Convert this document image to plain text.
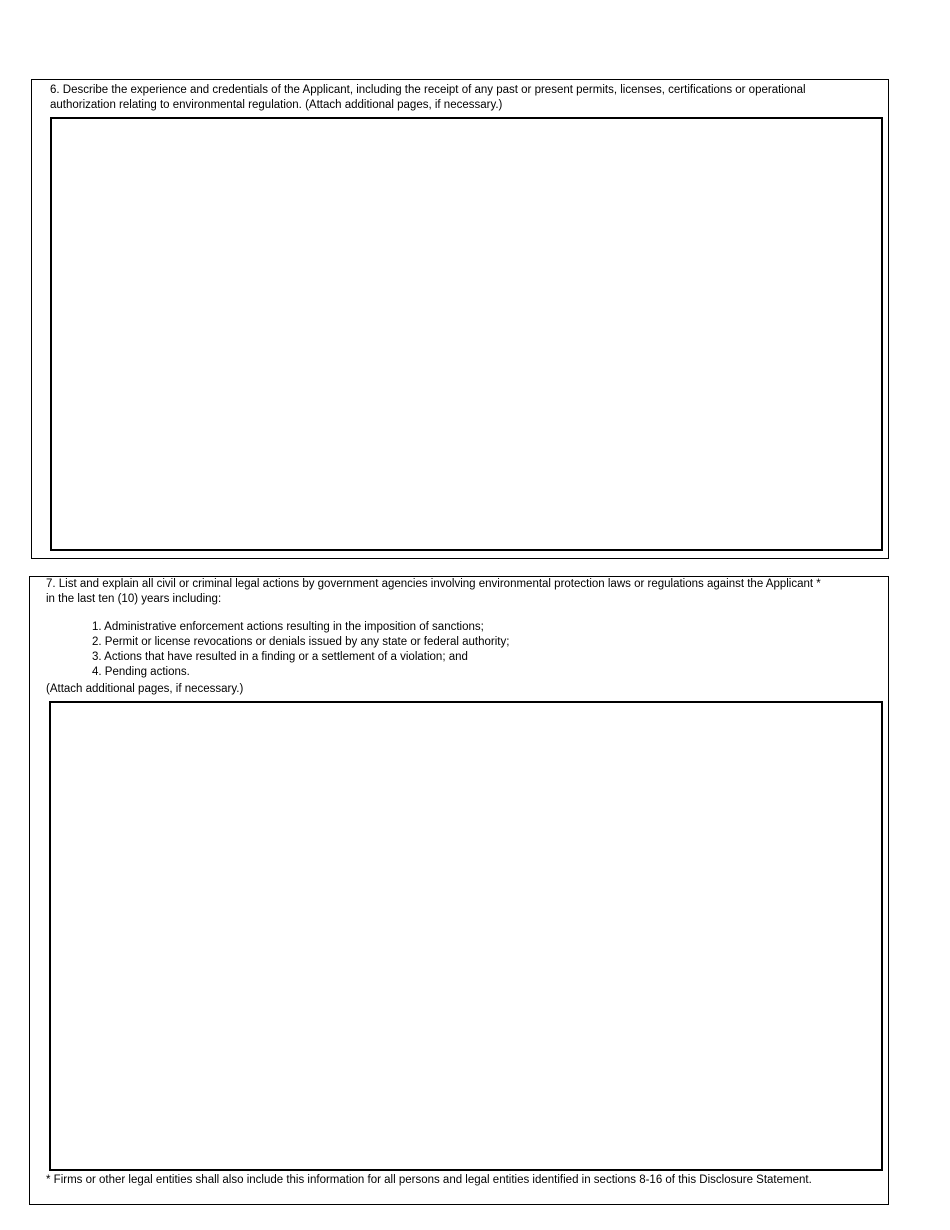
6. Describe the experience and credentials of the Applicant, including the receipt of any past or present permits, licenses, certifications or operational
authorization relating to environmental regulation. (Attach additional pages, if necessary.)
7. List and explain all civil or criminal legal actions by government agencies involving environmental protection laws or regulations against the Applicant *
in the last ten (10) years including:
1. Administrative enforcement actions resulting in the imposition of sanctions;
2. Permit or license revocations or denials issued by any state or federal authority;
3. Actions that have resulted in a finding or a settlement of a violation; and
4. Pending actions.
(Attach additional pages, if necessary.)
* Firms or other legal entities shall also include this information for all persons and legal entities identified in sections 8-16 of this Disclosure Statement.
